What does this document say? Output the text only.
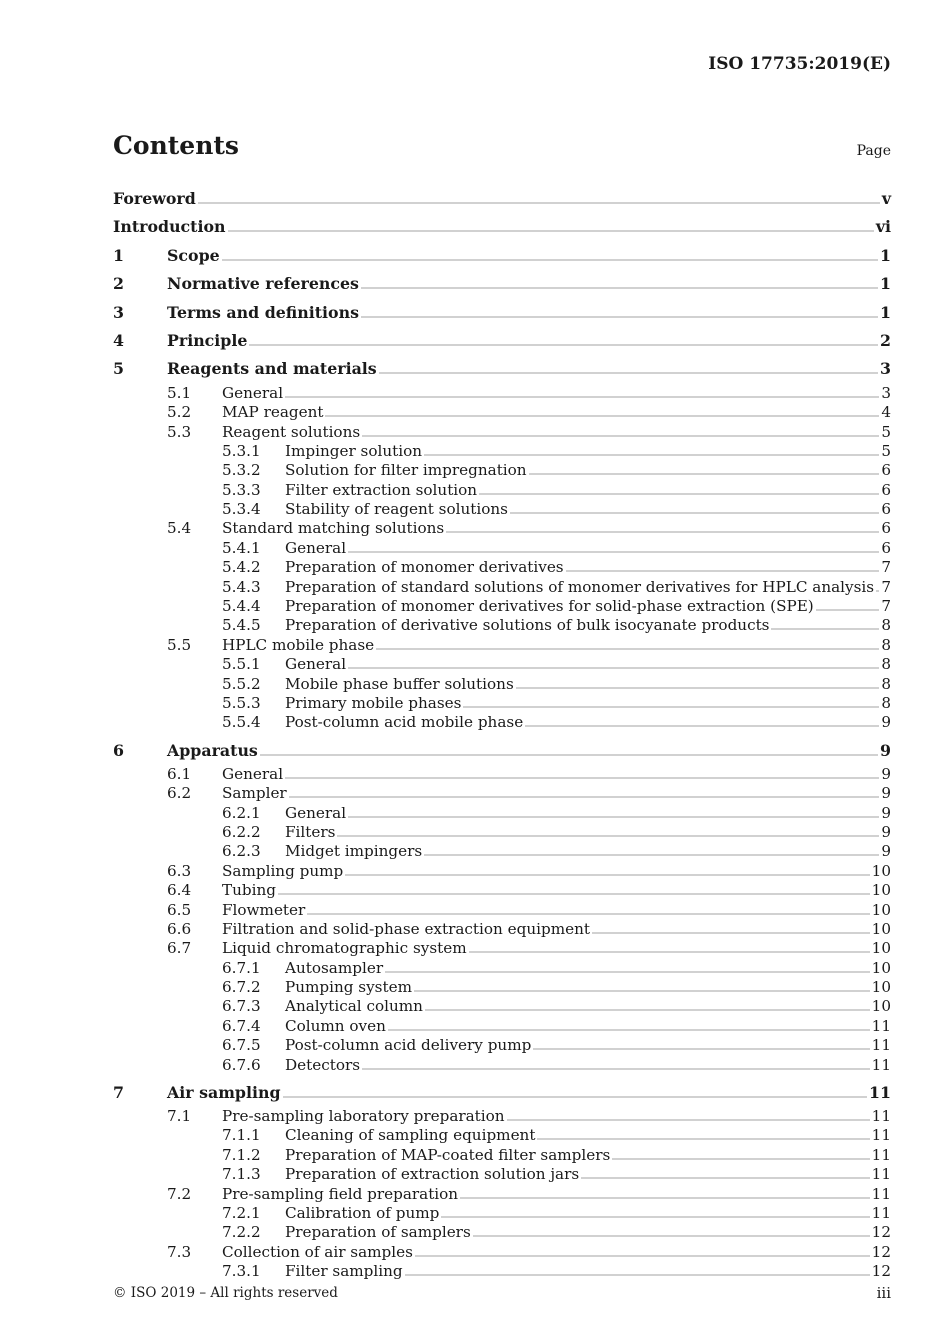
ISO 17735:2019(E)
Contents	Page
Foreword	v
Introduction	vi
1	Scope	1
2	Normative references	1
3	Terms and definitions	1
4	Principle	2
5	Reagents and materials	3
5.1	General	3
5.2	MAP reagent	4
5.3	Reagent solutions	5
5.3.1	Impinger solution	5
5.3.2	Solution for filter impregnation	6
5.3.3	Filter extraction solution	6
5.3.4	Stability of reagent solutions	6
5.4	Standard matching solutions	6
5.4.1	General	6
5.4.2	Preparation of monomer derivatives	7
5.4.3	Preparation of standard solutions of monomer derivatives for HPLC analysis 7
5.4.4	Preparation of monomer derivatives for solid-phase extraction (SPE)	7
5.4.5	Preparation of derivative solutions of bulk isocyanate products	8
5.5	HPLC mobile phase	8
5.5.1	General	8
5.5.2	Mobile phase buffer solutions	8
5.5.3	Primary mobile phases	8
5.5.4	Post-column acid mobile phase	9
6	Apparatus	9
6.1	General	9
6.2	Sampler	9
6.2.1	General	9
6.2.2	Filters	9
6.2.3	Midget impingers	9
6.3	Sampling pump	10
6.4	Tubing	10
6.5	Flowmeter	10
6.6	Filtration and solid-phase extraction equipment	10
6.7	Liquid chromatographic system	10
6.7.1	Autosampler	10
6.7.2	Pumping system	10
6.7.3	Analytical column	10
6.7.4	Column oven	11
6.7.5	Post-column acid delivery pump	11
6.7.6	Detectors	11
7	Air sampling	11
7.1	Pre-sampling laboratory preparation	11
7.1.1	Cleaning of sampling equipment	11
7.1.2	Preparation of MAP-coated filter samplers	11
7.1.3	Preparation of extraction solution jars	11
7.2	Pre-sampling field preparation	11
7.2.1	Calibration of pump	11
7.2.2	Preparation of samplers	12
7.3	Collection of air samples	12
7.3.1	Filter sampling	12
© ISO 2019 – All rights reserved	iii
